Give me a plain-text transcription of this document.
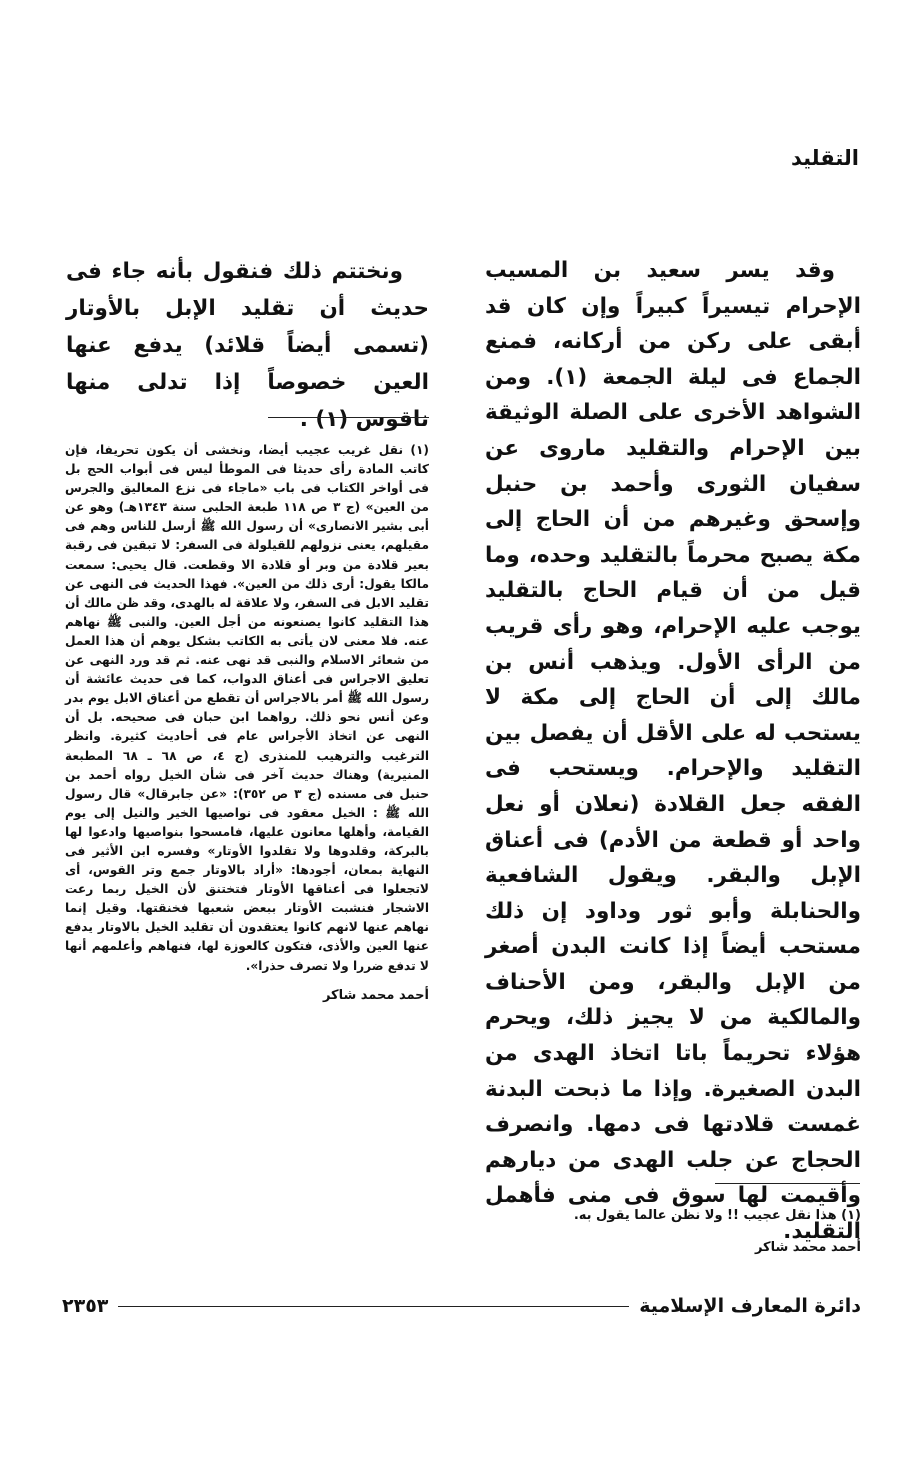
التقليد

وقد يسر سعيد بن المسيب الإحرام تيسيراً كبيراً وإن كان قد أبقى على ركن من أركانه، فمنع الجماع فى ليلة الجمعة (١). ومن الشواهد الأخرى على الصلة الوثيقة بين الإحرام والتقليد ماروى عن سفيان الثورى وأحمد بن حنبل وإسحق وغيرهم من أن الحاج إلى مكة يصبح محرماً بالتقليد وحده، وما قيل من أن قيام الحاج بالتقليد يوجب عليه الإحرام، وهو رأى قريب من الرأى الأول. ويذهب أنس بن مالك إلى أن الحاج إلى مكة لا يستحب له على الأقل أن يفصل بين التقليد والإحرام. ويستحب فى الفقه جعل القلادة (نعلان أو نعل واحد أو قطعة من الأدم) فى أعناق الإبل والبقر. ويقول الشافعية والحنابلة وأبو ثور وداود إن ذلك مستحب أيضاً إذا كانت البدن أصغر من الإبل والبقر، ومن الأحناف والمالكية من لا يجيز ذلك، ويحرم هؤلاء تحريماً باتا اتخاذ الهدى من البدن الصغيرة. وإذا ما ذبحت البدنة غمست قلادتها فى دمها. وانصرف الحجاج عن جلب الهدى من ديارهم وأقيمت لها سوق فى منى فأهمل التقليد.

ونختتم ذلك فنقول بأنه جاء فى حديث أن تقليد الإبل بالأوتار (تسمى أيضاً قلائد) يدفع عنها العين خصوصاً إذا تدلى منها ناقوس (١) .

(١) نقل غريب عجيب أيضا، ونخشى أن يكون تحريفا، فإن كاتب المادة رأى حديثا فى الموطأ ليس فى أبواب الحج بل فى أواخر الكتاب فى باب «ماجاء فى نزع المعاليق والجرس من العين» (ج ٣ ص ١١٨ طبعة الحلبى سنة ١٣٤٣هـ) وهو عن أبى بشير الانصارى» أن رسول الله ﷺ أرسل للناس وهم فى مقيلهم، يعنى نزولهم للقيلولة فى السفر: لا تبقين فى رقبة بعير قلادة من وبر أو قلادة الا وقطعت. قال يحيى: سمعت مالكا يقول: أرى ذلك من العين». فهذا الحديث فى النهى عن تقليد الابل فى السفر، ولا علاقة له بالهدى، وقد ظن مالك أن هذا التقليد كانوا يصنعونه من أجل العين. والنبى ﷺ نهاهم عنه. فلا معنى لان يأتى به الكاتب بشكل يوهم أن هذا العمل من شعائر الاسلام والنبى قد نهى عنه. ثم قد ورد النهى عن تعليق الاجراس فى أعناق الدواب، كما فى حديث عائشة أن رسول الله ﷺ أمر بالاجراس أن تقطع من أعناق الابل يوم بدر وعن أنس نحو ذلك. رواهما ابن حبان فى صحيحه. بل أن النهى عن اتخاذ الأجراس عام فى أحاديث كثيرة. وانظر الترغيب والترهيب للمنذرى (ج ٤، ص ٦٨ ـ ٦٨ المطبعة المنيرية) وهناك حديث آخر فى شأن الخيل رواه أحمد بن حنبل فى مسنده (ج ٣ ص ٣٥٢): «عن جابرقال» قال رسول الله ﷺ : الخيل معقود فى نواصيها الخير والنيل إلى يوم القيامة، وأهلها معانون عليها، فامسحوا بنواصيها وادعوا لها بالبركة، وقلدوها ولا تقلدوا الأوتار» وفسره ابن الأثير فى النهاية بمعان، أجودها: «أراد بالاوتار جمع وتر القوس، أى لاتجعلوا فى أعناقها الأوتار فتختنق لأن الخيل ربما رعت الاشجار فنشبت الأوتار ببعض شعبها فخنقتها. وقيل إنما نهاهم عنها لانهم كانوا يعتقدون أن تقليد الخيل بالاوتار يدفع عنها العين والأذى، فتكون كالعوزة لها، فنهاهم وأعلمهم أنها لا تدفع ضررا ولا تصرف حذرا».

أحمد محمد شاكر

(١) هذا نقل عجيب !! ولا نظن عالما يقول به.

أحمد محمد شاكر
٢٣٥٣	دائرة المعارف الإسلامية
